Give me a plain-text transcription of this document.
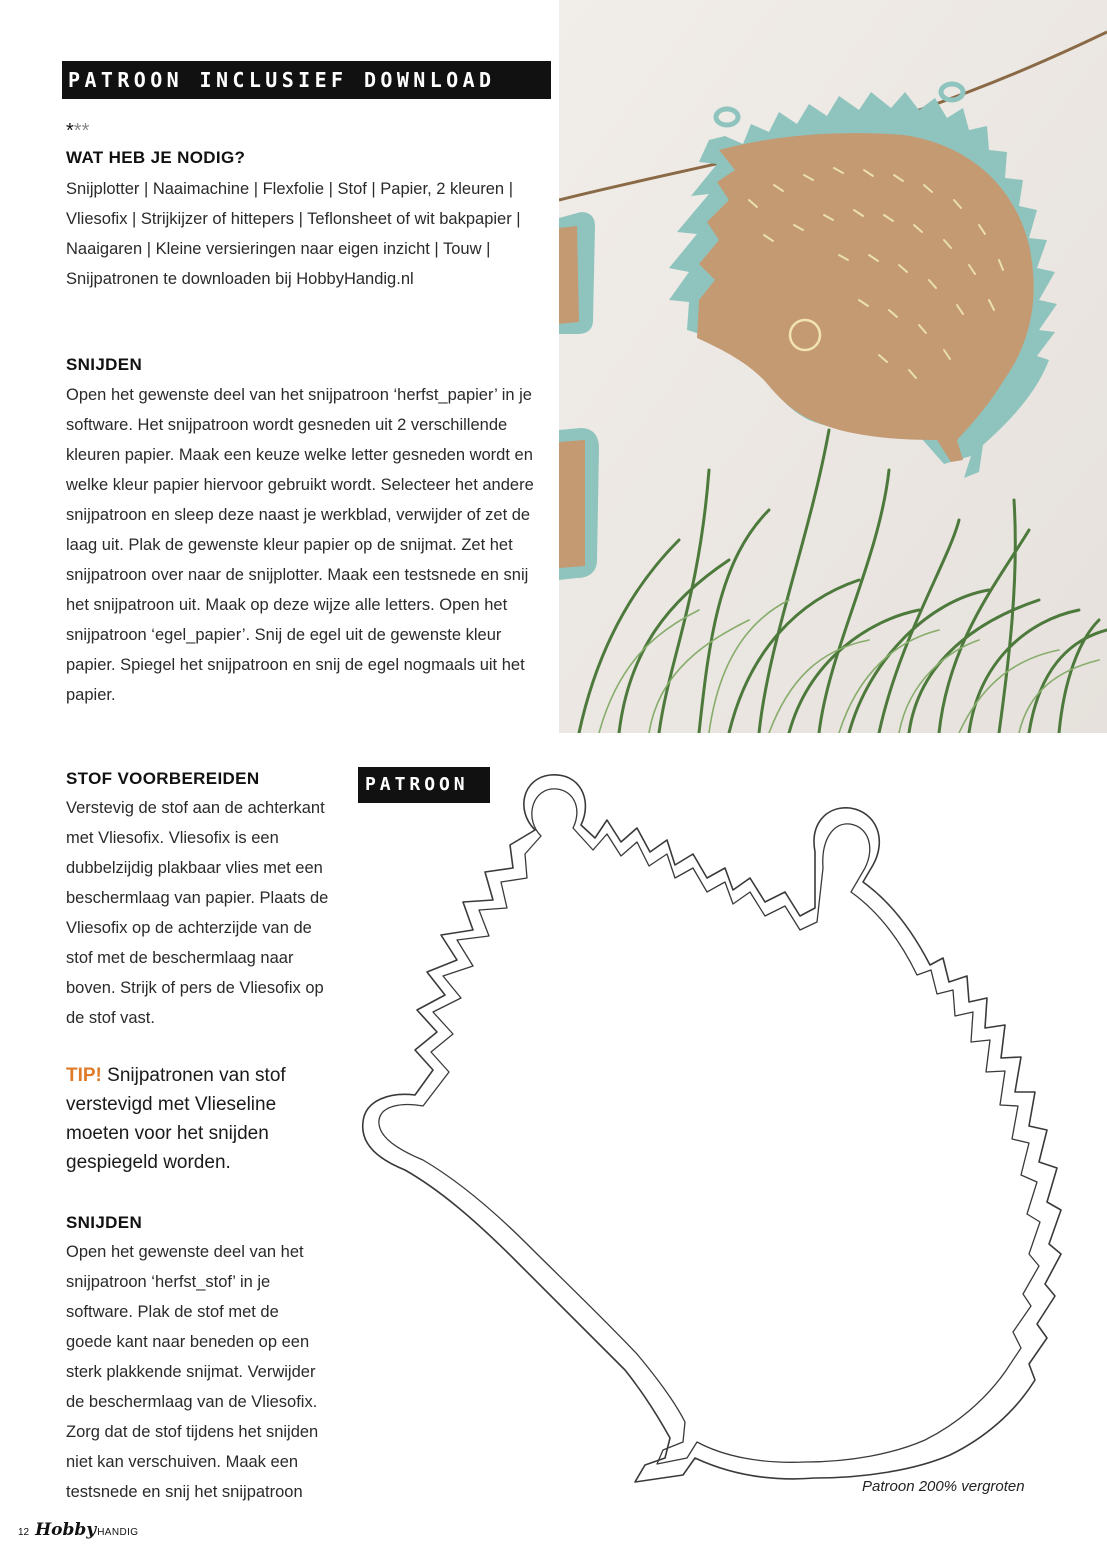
PATROON INCLUSIEF DOWNLOAD
***
WAT HEB JE NODIG?

Snijplotter | Naaimachine | Flexfolie | Stof | Papier, 2 kleuren | Vliesofix | Strijkijzer of hittepers | Teflonsheet of wit bakpapier | Naaigaren | Kleine versieringen naar eigen inzicht | Touw | Snijpatronen te downloaden bij HobbyHandig.nl

SNIJDEN

Open het gewenste deel van het snijpatroon ‘herfst_papier’ in je software. Het snijpatroon wordt gesneden uit 2 verschillende kleuren papier. Maak een keuze welke letter gesneden wordt en welke kleur papier hiervoor gebruikt wordt. Selecteer het andere snijpatroon en sleep deze naast je werkblad, verwijder of zet de laag uit. Plak de gewenste kleur papier op de snijmat. Zet het snijpatroon over naar de snijplotter. Maak een testsnede en snij het snijpatroon uit. Maak op deze wijze alle letters. Open het snijpatroon ‘egel_papier’. Snij de egel uit de gewenste kleur papier. Spiegel het snijpatroon en snij de egel nogmaals uit het papier.

STOF VOORBEREIDEN

Verstevig de stof aan de achterkant met Vliesofix. Vliesofix is een dubbelzijdig plakbaar vlies met een beschermlaag van papier. Plaats de Vliesofix op de achterzijde van de stof met de beschermlaag naar boven. Strijk of pers de Vliesofix op de stof vast.

TIP! Snijpatronen van stof verstevigd met Vlieseline moeten voor het snijden gespiegeld worden.

SNIJDEN

Open het gewenste deel van het snijpatroon ‘herfst_stof’ in je software. Plak de stof met de goede kant naar beneden op een sterk plakkende snijmat. Verwijder de beschermlaag van de Vliesofix. Zorg dat de stof tijdens het snijden niet kan verschuiven. Maak een testsnede en snij het snijpatroon

PATROON
Patroon 200% vergroten
12 Hobby HANDIG
